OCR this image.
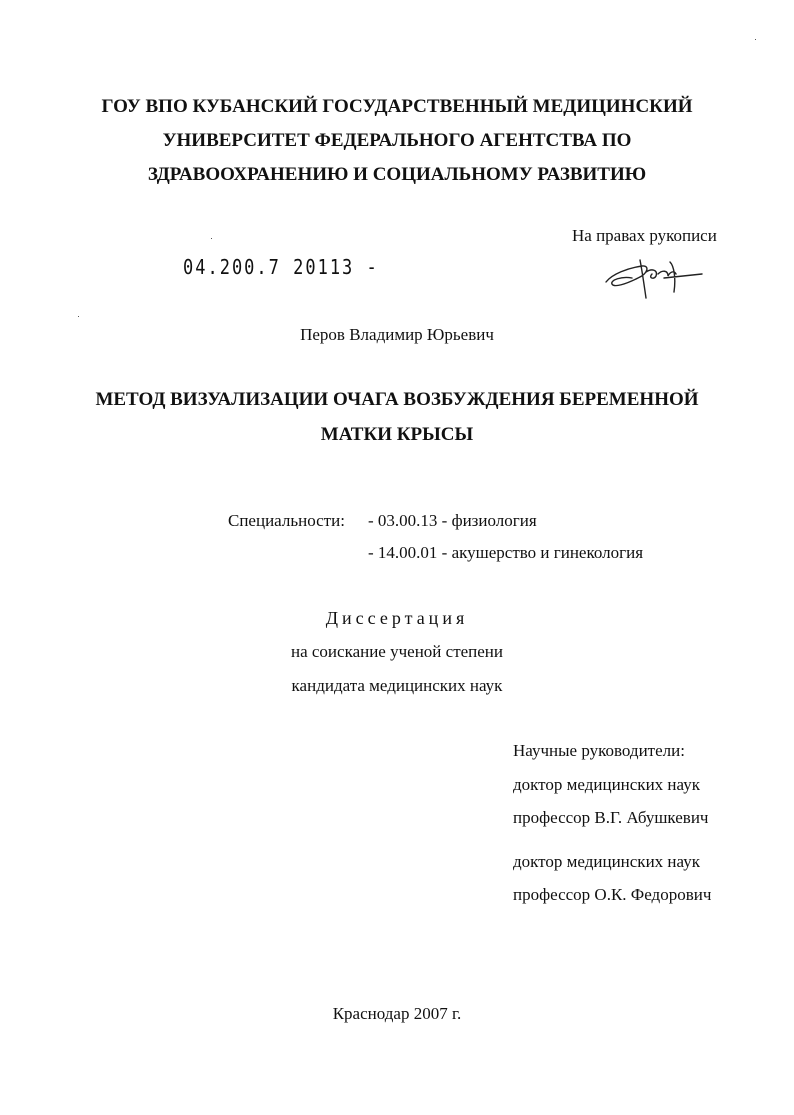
ГОУ ВПО КУБАНСКИЙ ГОСУДАРСТВЕННЫЙ МЕДИЦИНСКИЙ
УНИВЕРСИТЕТ ФЕДЕРАЛЬНОГО АГЕНТСТВА ПО
ЗДРАВООХРАНЕНИЮ И СОЦИАЛЬНОМУ РАЗВИТИЮ
На правах рукописи
04.200.7 20113 -
Перов Владимир Юрьевич
МЕТОД ВИЗУАЛИЗАЦИИ ОЧАГА ВОЗБУЖДЕНИЯ БЕРЕМЕННОЙ
МАТКИ КРЫСЫ
Специальности: - 03.00.13 - физиология
- 14.00.01 - акушерство и гинекология
Диссертация
на соискание ученой степени
кандидата медицинских наук
Научные руководители:
доктор медицинских наук
профессор В.Г. Абушкевич
доктор медицинских наук
профессор О.К. Федорович
Краснодар 2007 г.
